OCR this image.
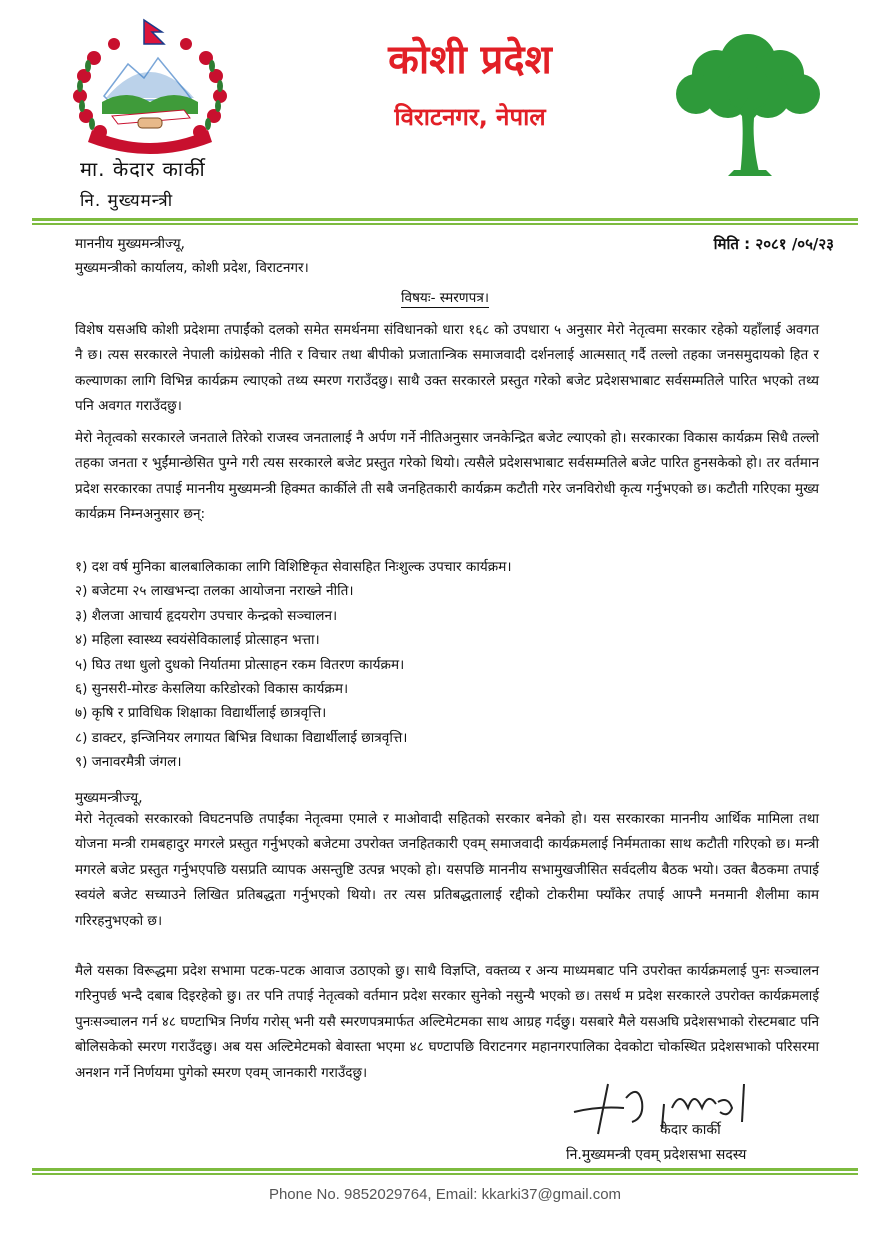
कोशी प्रदेश
विराटनगर, नेपाल
मा. केदार कार्की
नि. मुख्यमन्त्री
माननीय मुख्यमन्त्रीज्यू,
मुख्यमन्त्रीको कार्यालय, कोशी प्रदेश, विराटनगर।
मिति : २०८१ /०५/२३
विषयः- स्मरणपत्र।
विशेष यसअघि कोशी प्रदेशमा तपाईंको दलको समेत समर्थनमा संविधानको धारा १६८ को उपधारा ५ अनुसार मेरो नेतृत्वमा सरकार रहेको यहाँलाई अवगत नै छ। त्यस सरकारले नेपाली कांग्रेसको नीति र विचार तथा बीपीको प्रजातान्त्रिक समाजवादी दर्शनलाई आत्मसात् गर्दै तल्लो तहका जनसमुदायको हित र कल्याणका लागि विभिन्न कार्यक्रम ल्याएको तथ्य स्मरण गराउँदछु। साथै उक्त सरकारले प्रस्तुत गरेको बजेट प्रदेशसभाबाट सर्वसम्मतिले पारित भएको तथ्य पनि अवगत गराउँदछु।
मेरो नेतृत्वको सरकारले जनताले तिरेको राजस्व जनतालाई नै अर्पण गर्ने नीतिअनुसार जनकेन्द्रित बजेट ल्याएको हो। सरकारका विकास कार्यक्रम सिधै तल्लो तहका जनता र भुईंमान्छेसित पुग्ने गरी त्यस सरकारले बजेट प्रस्तुत गरेको थियो। त्यसैले प्रदेशसभाबाट सर्वसम्मतिले बजेट पारित हुनसकेको हो। तर वर्तमान प्रदेश सरकारका तपाई माननीय मुख्यमन्त्री हिक्मत कार्कीले ती सबै जनहितकारी कार्यक्रम कटौती गरेर जनविरोधी कृत्य गर्नुभएको छ। कटौती गरिएका मुख्य कार्यक्रम निम्नअनुसार छन्:
१) दश वर्ष मुनिका बालबालिकाका लागि विशिष्टिकृत सेवासहित निःशुल्क उपचार कार्यक्रम।
२) बजेटमा २५ लाखभन्दा तलका आयोजना नराख्ने नीति।
३) शैलजा आचार्य हृदयरोग उपचार केन्द्रको सञ्चालन।
४) महिला स्वास्थ्य स्वयंसेविकालाई प्रोत्साहन भत्ता।
५) घिउ तथा धुलो दुधको निर्यातमा प्रोत्साहन रकम वितरण कार्यक्रम।
६) सुनसरी-मोरङ केसलिया करिडोरको विकास कार्यक्रम।
७) कृषि र प्राविधिक शिक्षाका विद्यार्थीलाई छात्रवृत्ति।
८) डाक्टर, इन्जिनियर लगायत बिभिन्न विधाका विद्यार्थीलाई छात्रवृत्ति।
९) जनावरमैत्री जंगल।
मुख्यमन्त्रीज्यू,
मेरो नेतृत्वको सरकारको विघटनपछि तपाईंका नेतृत्वमा एमाले र माओवादी सहितको सरकार बनेको हो। यस सरकारका माननीय आर्थिक मामिला तथा योजना मन्त्री रामबहादुर मगरले प्रस्तुत गर्नुभएको बजेटमा उपरोक्त जनहितकारी एवम् समाजवादी कार्यक्रमलाई निर्ममताका साथ कटौती गरिएको छ। मन्त्री मगरले बजेट प्रस्तुत गर्नुभएपछि यसप्रति व्यापक असन्तुष्टि उत्पन्न भएको हो। यसपछि माननीय सभामुखजीसित सर्वदलीय बैठक भयो। उक्त बैठकमा तपाई स्वयंले बजेट सच्याउने लिखित प्रतिबद्धता गर्नुभएको थियो। तर त्यस प्रतिबद्धतालाई रद्दीको टोकरीमा फ्याँकेर तपाई आफ्नै मनमानी शैलीमा काम गरिरहनुभएको छ।
मैले यसका विरूद्धमा प्रदेश सभामा पटक-पटक आवाज उठाएको छु। साथै विज्ञप्ति, वक्तव्य र अन्य माध्यमबाट पनि उपरोक्त कार्यक्रमलाई पुनः सञ्चालन गरिनुपर्छ भन्दै दबाब दिइरहेको छु। तर पनि तपाई नेतृत्वको वर्तमान प्रदेश सरकार सुनेको नसुन्यै भएको छ। तसर्थ म प्रदेश सरकारले उपरोक्त कार्यक्रमलाई पुनःसञ्चालन गर्न ४८ घण्टाभित्र निर्णय गरोस् भनी यसै स्मरणपत्रमार्फत अल्टिमेटमका साथ आग्रह गर्दछु। यसबारे मैले यसअघि प्रदेशसभाको रोस्टमबाट पनि बोलिसकेको स्मरण गराउँदछु। अब यस अल्टिमेटमको बेवास्ता भएमा ४८ घण्टापछि विराटनगर महानगरपालिका देवकोटा चोकस्थित प्रदेशसभाको परिसरमा अनशन गर्ने निर्णयमा पुगेको स्मरण एवम् जानकारी गराउँदछु।
केदार कार्की
नि.मुख्यमन्त्री एवम् प्रदेशसभा सदस्य
Phone No. 9852029764, Email: kkarki37@gmail.com
